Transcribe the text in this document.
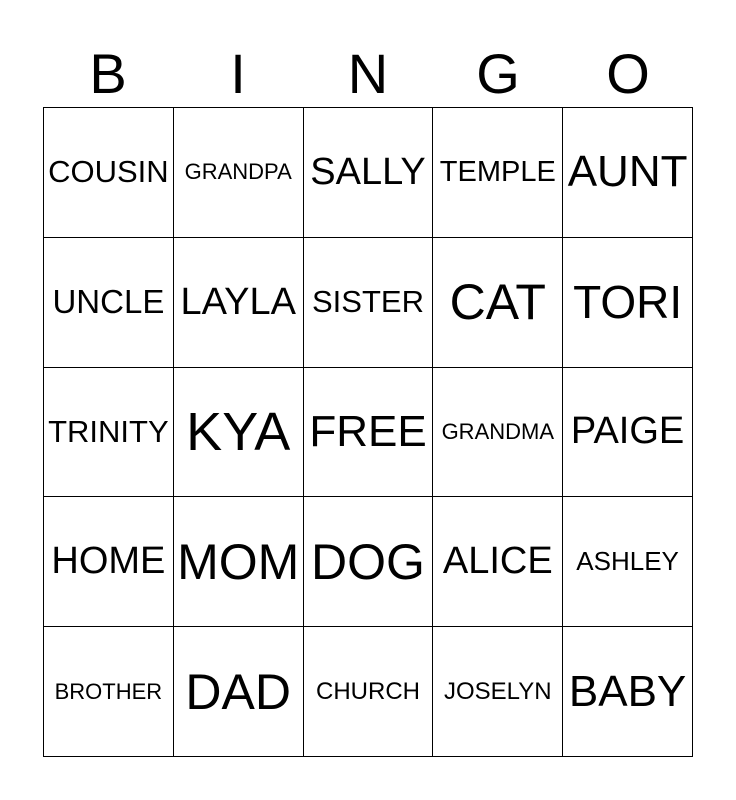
B	I	N	G	O
COUSIN GRANDPA SALLY TEMPLE AUNT
UNCLE LAYLA SISTER CAT TORI
TRINITY KYA FREE GRANDMA PAIGE
HOME MOM DOG ALICE ASHLEY
BROTHER DAD	CHURCH	JOSELYN BABY
